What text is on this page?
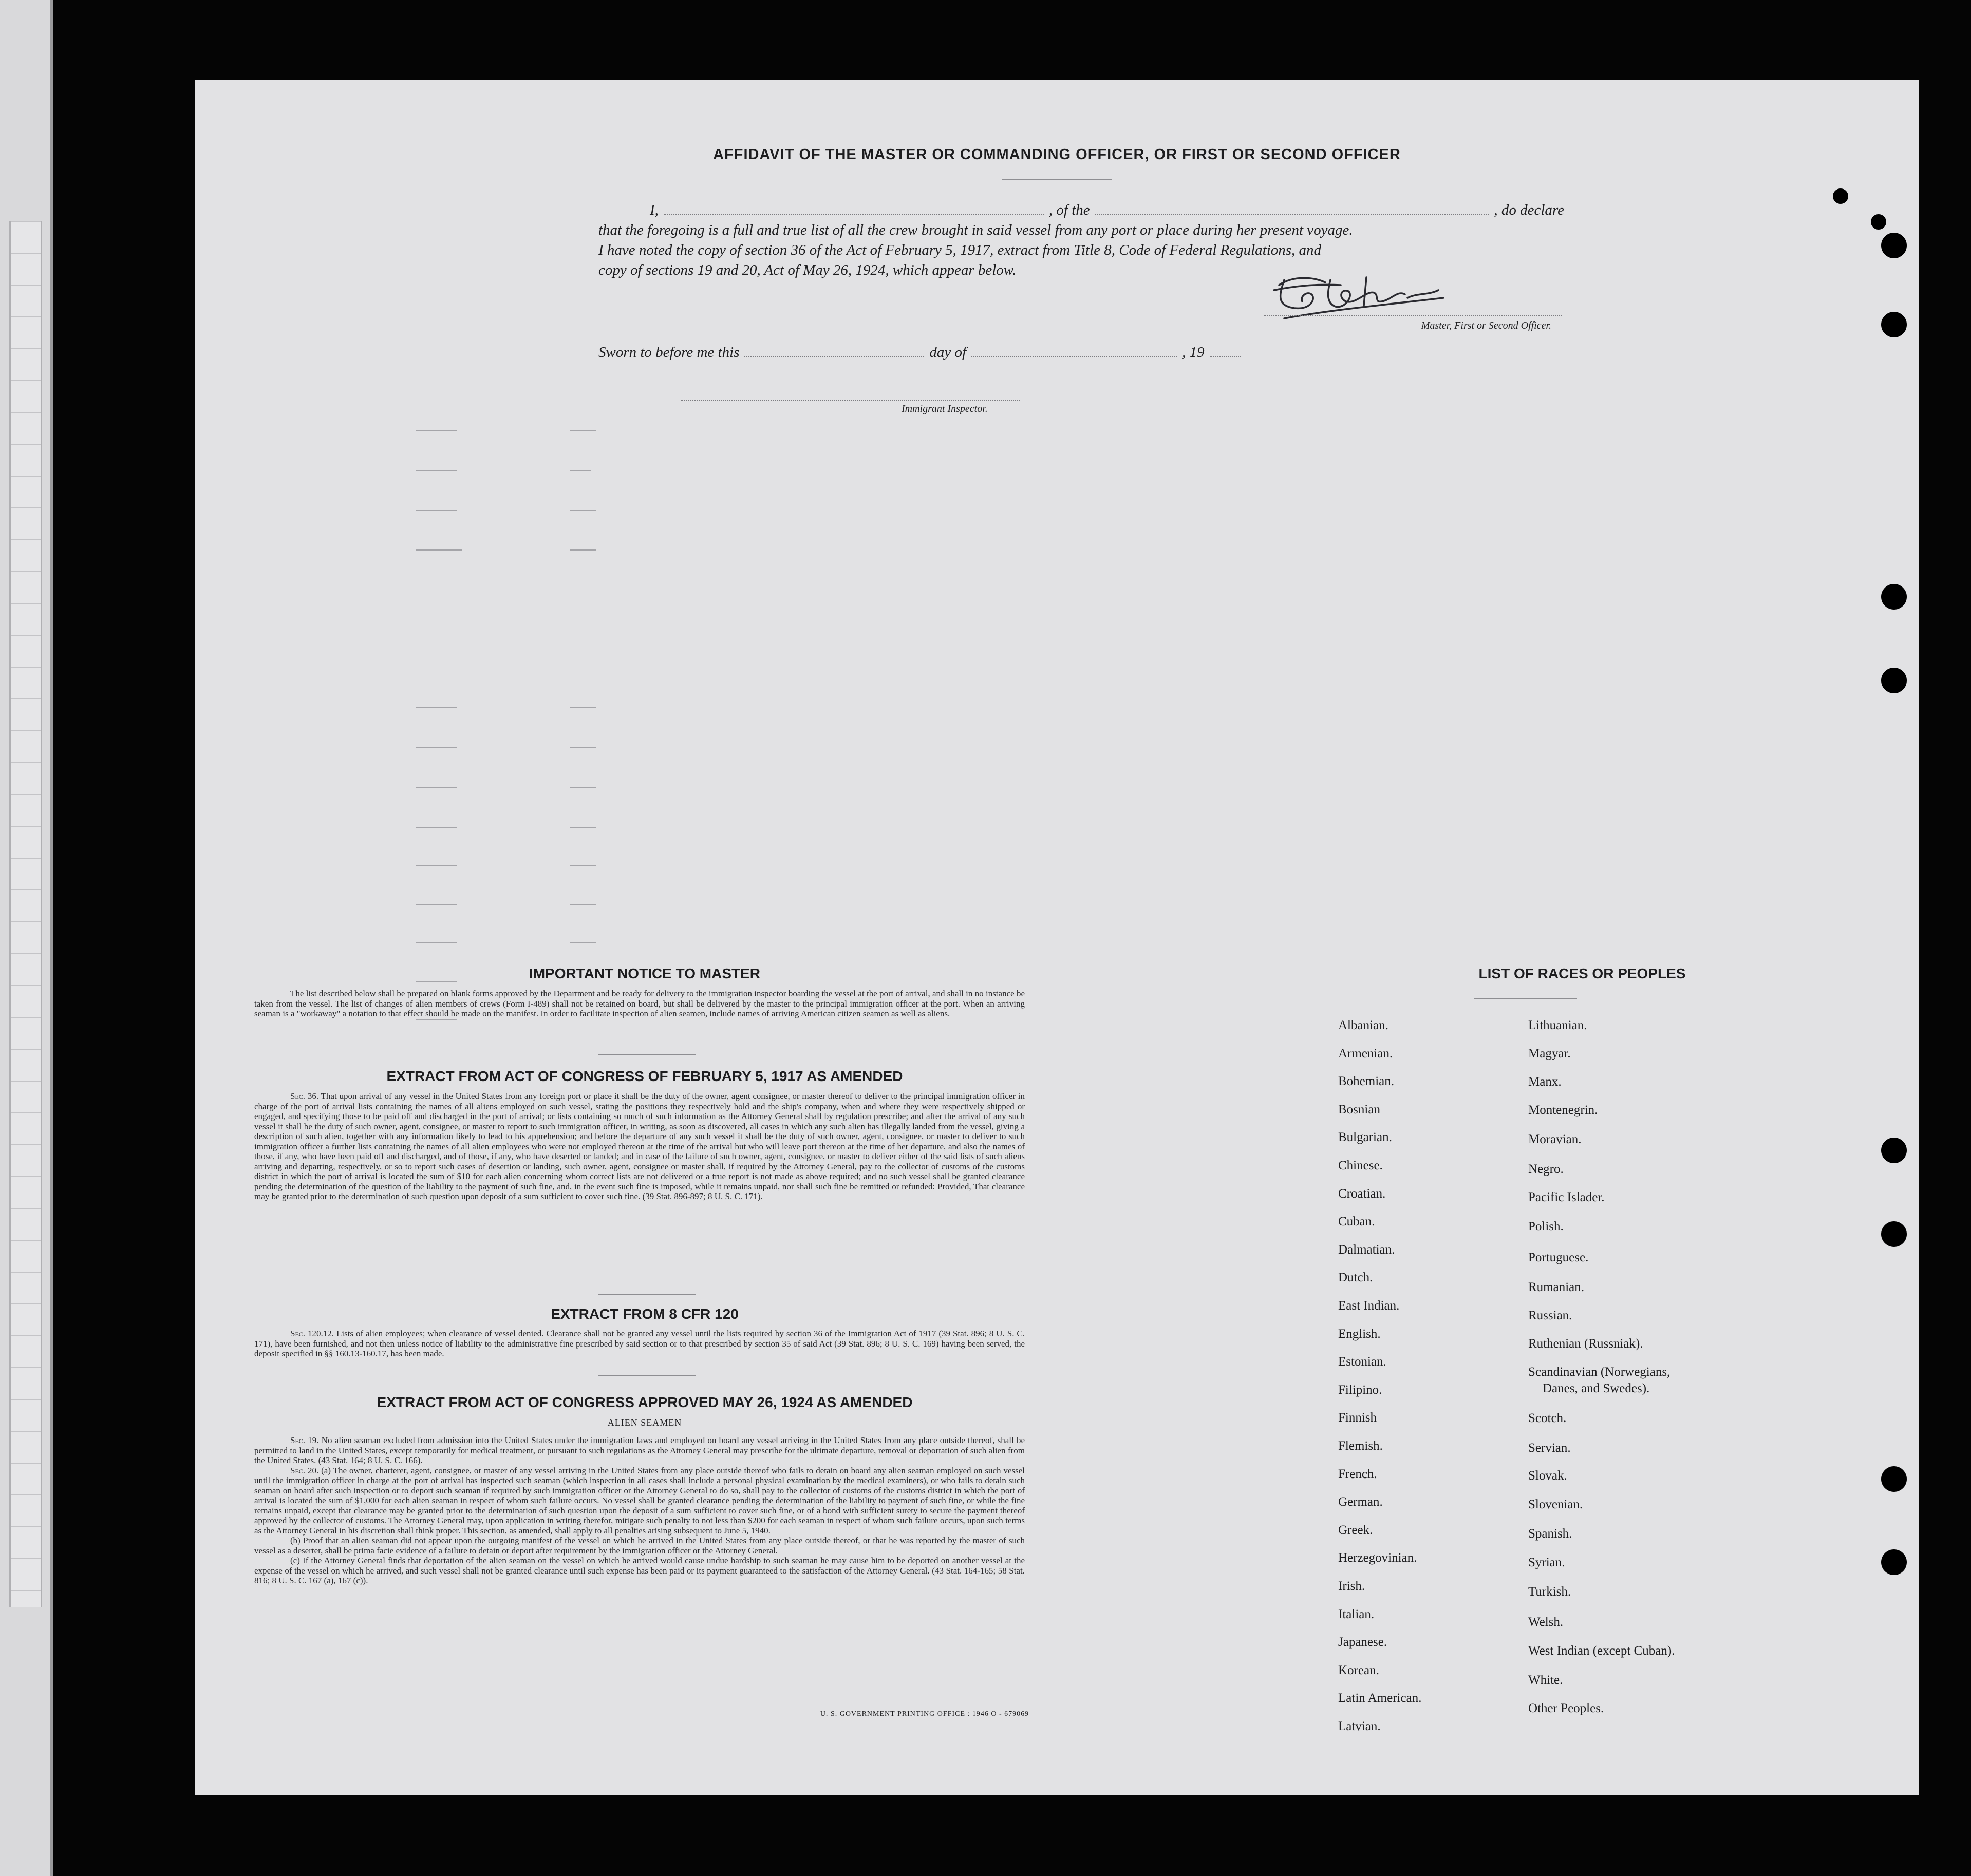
AFFIDAVIT OF THE MASTER OR COMMANDING OFFICER, OR FIRST OR SECOND OFFICER
I,	, of the	, do declare
that the foregoing is a full and true list of all the crew brought in said vessel from any port or place during her present voyage.
I have noted the copy of section 36 of the Act of February 5, 1917, extract from Title 8, Code of Federal Regulations, and
copy of sections 19 and 20, Act of May 26, 1924, which appear below.
Master, First or Second Officer.
Sworn to before me this	day of	, 19
Immigrant Inspector.
IMPORTANT NOTICE TO MASTER

The list described below shall be prepared on blank forms approved by the Department and be ready for delivery to the immigration inspector boarding the vessel at the port of arrival, and shall in no instance be taken from the vessel. The list of changes of alien members of crews (Form I-489) shall not be retained on board, but shall be delivered by the master to the principal immigration officer at the port. When an arriving seaman is a "workaway" a notation to that effect should be made on the manifest. In order to facilitate inspection of alien seamen, include names of arriving American citizen seamen as well as aliens.

EXTRACT FROM ACT OF CONGRESS OF FEBRUARY 5, 1917 AS AMENDED

Sec. 36. That upon arrival of any vessel in the United States from any foreign port or place it shall be the duty of the owner, agent consignee, or master thereof to deliver to the principal immigration officer in charge of the port of arrival lists containing the names of all aliens employed on such vessel, stating the positions they respectively hold and the ship's company, when and where they were respectively shipped or engaged, and specifying those to be paid off and discharged in the port of arrival; or lists containing so much of such information as the Attorney General shall by regulation prescribe; and after the arrival of any such vessel it shall be the duty of such owner, agent, consignee, or master to report to such immigration officer, in writing, as soon as discovered, all cases in which any such alien has illegally landed from the vessel, giving a description of such alien, together with any information likely to lead to his apprehension; and before the departure of any such vessel it shall be the duty of such owner, agent, consignee, or master to deliver to such immigration officer a further lists containing the names of all alien employees who were not employed thereon at the time of the arrival but who will leave port thereon at the time of her departure, and also the names of those, if any, who have been paid off and discharged, and of those, if any, who have deserted or landed; and in case of the failure of such owner, agent, consignee, or master to deliver either of the said lists of such aliens arriving and departing, respectively, or so to report such cases of desertion or landing, such owner, agent, consignee or master shall, if required by the Attorney General, pay to the collector of customs of the customs district in which the port of arrival is located the sum of $10 for each alien concerning whom correct lists are not delivered or a true report is not made as above required; and no such vessel shall be granted clearance pending the determination of the question of the liability to the payment of such fine, and, in the event such fine is imposed, while it remains unpaid, nor shall such fine be remitted or refunded: Provided, That clearance may be granted prior to the determination of such question upon deposit of a sum sufficient to cover such fine. (39 Stat. 896-897; 8 U. S. C. 171).

EXTRACT FROM 8 CFR 120

Sec. 120.12. Lists of alien employees; when clearance of vessel denied. Clearance shall not be granted any vessel until the lists required by section 36 of the Immigration Act of 1917 (39 Stat. 896; 8 U. S. C. 171), have been furnished, and not then unless notice of liability to the administrative fine prescribed by said section or to that prescribed by section 35 of said Act (39 Stat. 896; 8 U. S. C. 169) having been served, the deposit specified in §§ 160.13-160.17, has been made.

EXTRACT FROM ACT OF CONGRESS APPROVED MAY 26, 1924 AS AMENDED
ALIEN SEAMEN

Sec. 19. No alien seaman excluded from admission into the United States under the immigration laws and employed on board any vessel arriving in the United States from any place outside thereof, shall be permitted to land in the United States, except temporarily for medical treatment, or pursuant to such regulations as the Attorney General may prescribe for the ultimate departure, removal or deportation of such alien from the United States. (43 Stat. 164; 8 U. S. C. 166).

Sec. 20. (a) The owner, charterer, agent, consignee, or master of any vessel arriving in the United States from any place outside thereof who fails to detain on board any alien seaman employed on such vessel until the immigration officer in charge at the port of arrival has inspected such seaman (which inspection in all cases shall include a personal physical examination by the medical examiners), or who fails to detain such seaman on board after such inspection or to deport such seaman if required by such immigration officer or the Attorney General to do so, shall pay to the collector of customs of the customs district in which the port of arrival is located the sum of $1,000 for each alien seaman in respect of whom such failure occurs. No vessel shall be granted clearance pending the determination of the liability to payment of such fine, or while the fine remains unpaid, except that clearance may be granted prior to the determination of such question upon the deposit of a sum sufficient to cover such fine, or of a bond with sufficient surety to secure the payment thereof approved by the collector of customs. The Attorney General may, upon application in writing therefor, mitigate such penalty to not less than $200 for each seaman in respect of whom such failure occurs, upon such terms as the Attorney General in his discretion shall think proper. This section, as amended, shall apply to all penalties arising subsequent to June 5, 1940.

(b) Proof that an alien seaman did not appear upon the outgoing manifest of the vessel on which he arrived in the United States from any place outside thereof, or that he was reported by the master of such vessel as a deserter, shall be prima facie evidence of a failure to detain or deport after requirement by the immigration officer or the Attorney General.

(c) If the Attorney General finds that deportation of the alien seaman on the vessel on which he arrived would cause undue hardship to such seaman he may cause him to be deported on another vessel at the expense of the vessel on which he arrived, and such vessel shall not be granted clearance until such expense has been paid or its payment guaranteed to the satisfaction of the Attorney General. (43 Stat. 164-165; 58 Stat. 816; 8 U. S. C. 167 (a), 167 (c)).

U. S. GOVERNMENT PRINTING OFFICE : 1946 O - 679069
LIST OF RACES OR PEOPLES
Albanian.
Armenian.
Bohemian.
Bosnian
Bulgarian.
Chinese.
Croatian.
Cuban.
Dalmatian.
Dutch.
East Indian.
English.
Estonian.
Filipino.
Finnish
Flemish.
French.
German.
Greek.
Herzegovinian.
Irish.
Italian.
Japanese.
Korean.
Latin American.
Latvian.
Lithuanian.
Magyar.
Manx.
Montenegrin.
Moravian.
Negro.
Pacific Islader.
Polish.
Portuguese.
Rumanian.
Russian.
Ruthenian (Russniak).
Scandinavian (Norwegians,
Danes, and Swedes).
Scotch.
Servian.
Slovak.
Slovenian.
Spanish.
Syrian.
Turkish.
Welsh.
West Indian (except Cuban).
White.
Other Peoples.
